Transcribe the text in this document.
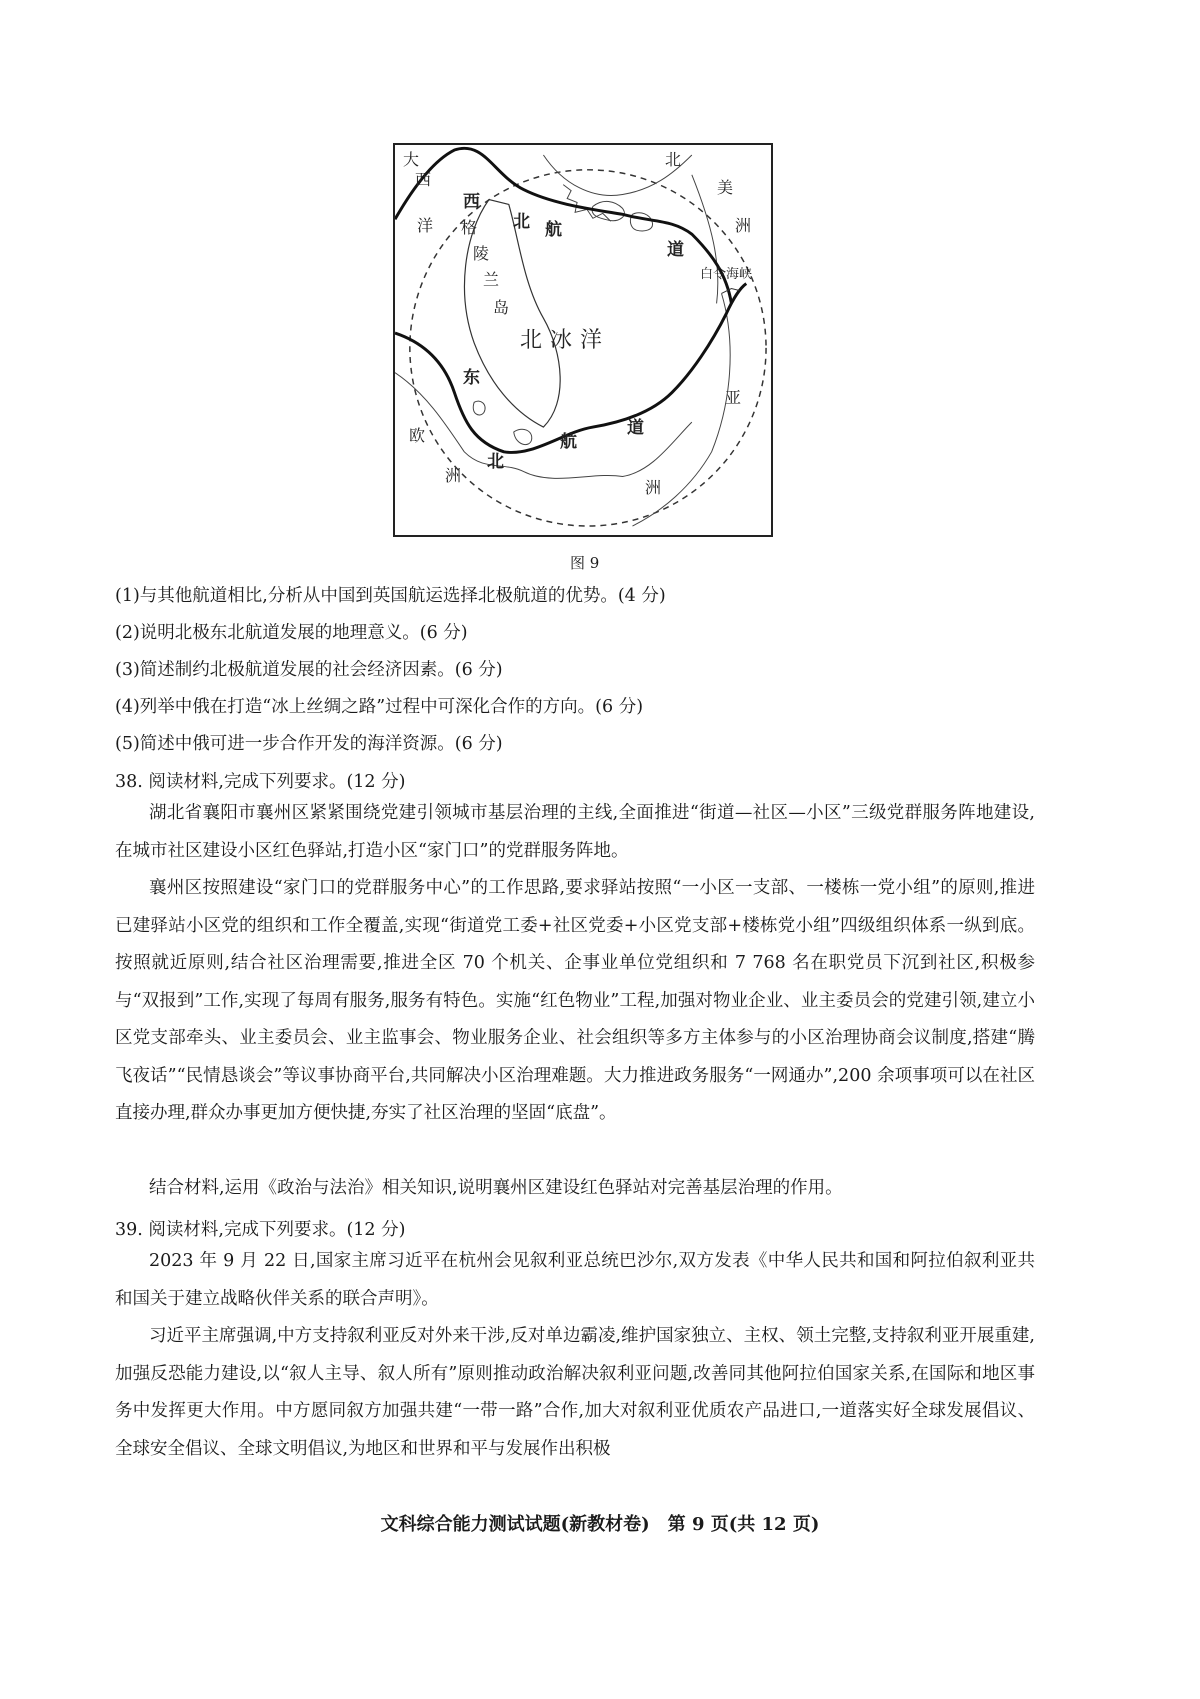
大
西
洋
西
北 航
道
格
陵
兰
岛
北冰洋
东
北
航
道
白令海峡
北
美
洲
欧
洲
亚
洲
图 9
(1)与其他航道相比,分析从中国到英国航运选择北极航道的优势。(4 分)
(2)说明北极东北航道发展的地理意义。(6 分)
(3)简述制约北极航道发展的社会经济因素。(6 分)
(4)列举中俄在打造“冰上丝绸之路”过程中可深化合作的方向。(6 分)
(5)简述中俄可进一步合作开发的海洋资源。(6 分)
38. 阅读材料,完成下列要求。(12 分)
湖北省襄阳市襄州区紧紧围绕党建引领城市基层治理的主线,全面推进“街道—社区—小区”三级党群服务阵地建设,在城市社区建设小区红色驿站,打造小区“家门口”的党群服务阵地。
襄州区按照建设“家门口的党群服务中心”的工作思路,要求驿站按照“一小区一支部、一楼栋一党小组”的原则,推进已建驿站小区党的组织和工作全覆盖,实现“街道党工委+社区党委+小区党支部+楼栋党小组”四级组织体系一纵到底。按照就近原则,结合社区治理需要,推进全区 70 个机关、企事业单位党组织和 7 768 名在职党员下沉到社区,积极参与“双报到”工作,实现了每周有服务,服务有特色。实施“红色物业”工程,加强对物业企业、业主委员会的党建引领,建立小区党支部牵头、业主委员会、业主监事会、物业服务企业、社会组织等多方主体参与的小区治理协商会议制度,搭建“腾飞夜话”“民情恳谈会”等议事协商平台,共同解决小区治理难题。大力推进政务服务“一网通办”,200 余项事项可以在社区直接办理,群众办事更加方便快捷,夯实了社区治理的坚固“底盘”。
结合材料,运用《政治与法治》相关知识,说明襄州区建设红色驿站对完善基层治理的作用。
39. 阅读材料,完成下列要求。(12 分)
2023 年 9 月 22 日,国家主席习近平在杭州会见叙利亚总统巴沙尔,双方发表《中华人民共和国和阿拉伯叙利亚共和国关于建立战略伙伴关系的联合声明》。
习近平主席强调,中方支持叙利亚反对外来干涉,反对单边霸凌,维护国家独立、主权、领土完整,支持叙利亚开展重建,加强反恐能力建设,以“叙人主导、叙人所有”原则推动政治解决叙利亚问题,改善同其他阿拉伯国家关系,在国际和地区事务中发挥更大作用。中方愿同叙方加强共建“一带一路”合作,加大对叙利亚优质农产品进口,一道落实好全球发展倡议、全球安全倡议、全球文明倡议,为地区和世界和平与发展作出积极
文科综合能力测试试题(新教材卷)　第 9 页(共 12 页)
